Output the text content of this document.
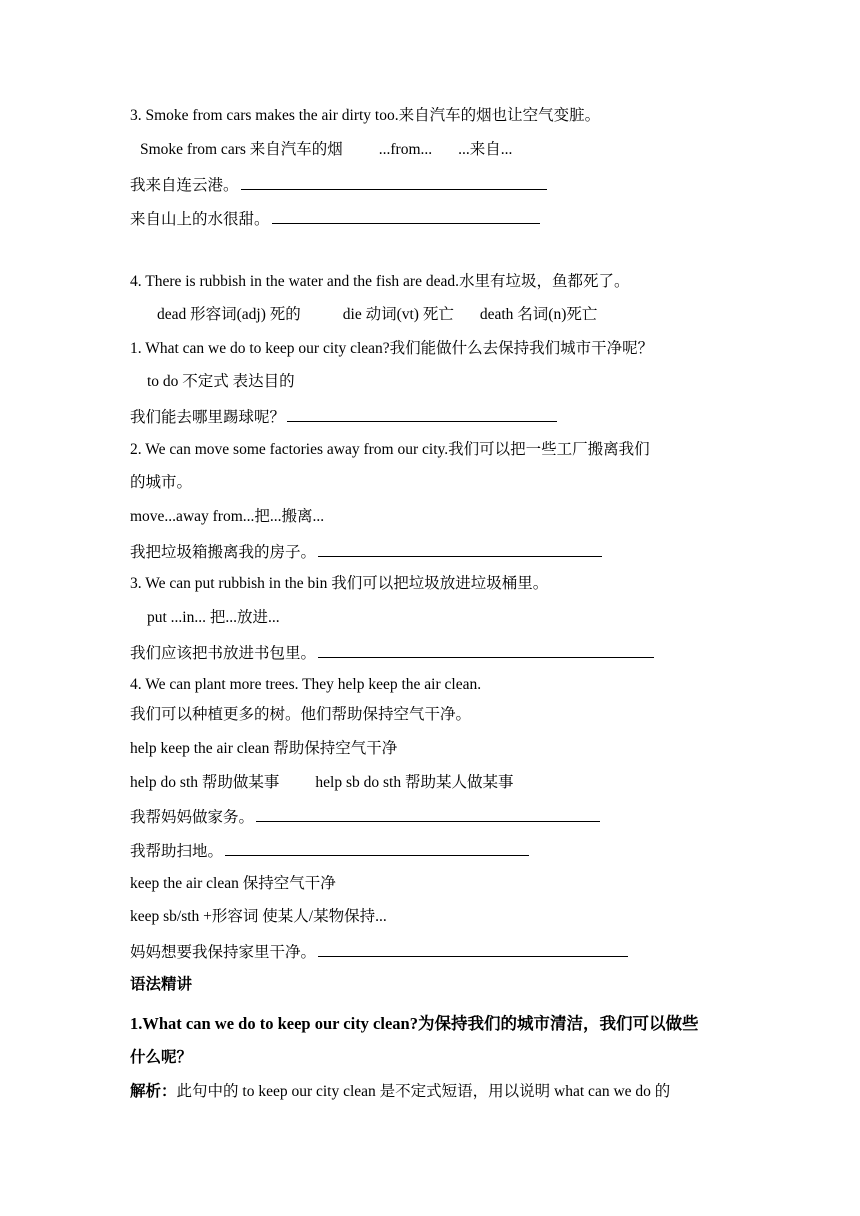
3. Smoke from cars makes the air dirty too.来自汽车的烟也让空气变脏。
Smoke from cars 来自汽车的烟 ...from... ...来自...
我来自连云港。
来自山上的水很甜。
4. There is rubbish in the water and the fish are dead.水里有垃圾，鱼都死了。
dead 形容词(adj) 死的	die 动词(vt) 死亡 death 名词(n)死亡
1. What can we do to keep our city clean?我们能做什么去保持我们城市干净呢？
to do 不定式 表达目的
我们能去哪里踢球呢？
2. We can move some factories away from our city.我们可以把一些工厂搬离我们
的城市。
move...away from...把...搬离...
我把垃圾箱搬离我的房子。
3. We can put rubbish in the bin 我们可以把垃圾放进垃圾桶里。
put ...in... 把...放进...
我们应该把书放进书包里。
4. We can plant more trees. They help keep the air clean.
我们可以种植更多的树。他们帮助保持空气干净。
help keep the air clean 帮助保持空气干净
help do sth 帮助做某事 help sb do sth 帮助某人做某事
我帮妈妈做家务。
我帮助扫地。
keep the air clean 保持空气干净
keep sb/sth +形容词 使某人/某物保持...
妈妈想要我保持家里干净。
语法精讲
1.What can we do to keep our city clean?为保持我们的城市清洁，我们可以做些
什么呢？
解析：此句中的 to keep our city clean 是不定式短语，用以说明 what can we do 的
